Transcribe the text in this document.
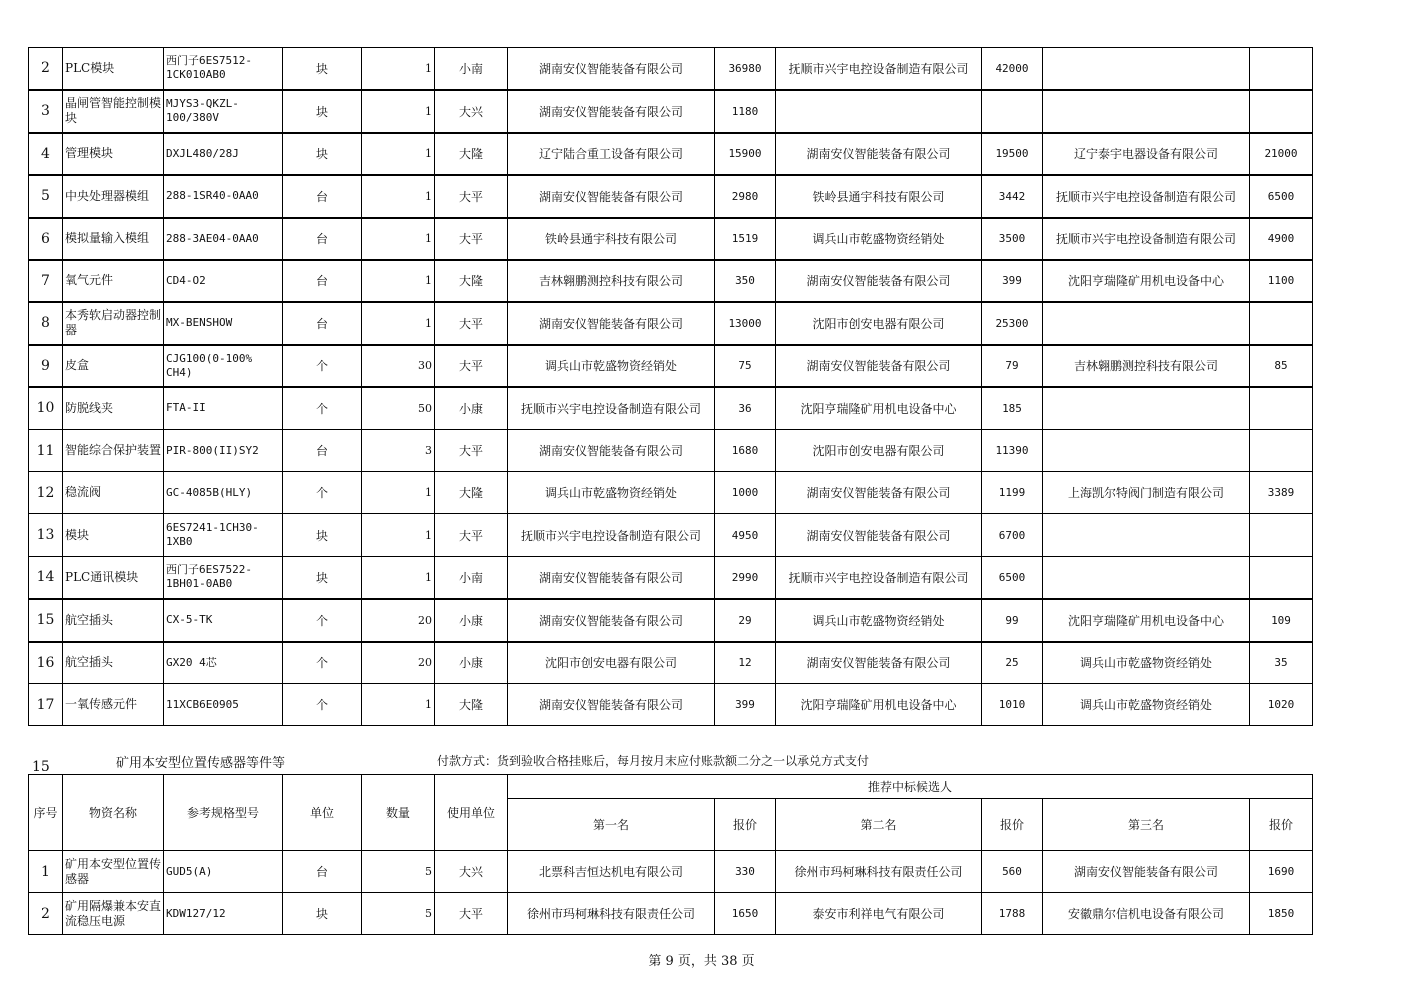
2	PLC模块	西门子6ES7512-1CK010AB0	块	1	小南	湖南安仪智能装备有限公司	36980	抚顺市兴宇电控设备制造有限公司	42000		
3	晶闸管智能控制模块	MJYS3-QKZL-100/380V	块	1	大兴	湖南安仪智能装备有限公司	1180				
4	管理模块	DXJL480/28J	块	1	大隆	辽宁陆合重工设备有限公司	15900	湖南安仪智能装备有限公司	19500	辽宁泰宇电器设备有限公司	21000
5	中央处理器模组	288-1SR40-0AA0	台	1	大平	湖南安仪智能装备有限公司	2980	铁岭县通宇科技有限公司	3442	抚顺市兴宇电控设备制造有限公司	6500
6	模拟量输入模组	288-3AE04-0AA0	台	1	大平	铁岭县通宇科技有限公司	1519	调兵山市乾盛物资经销处	3500	抚顺市兴宇电控设备制造有限公司	4900
7	氧气元件	CD4-O2	台	1	大隆	吉林翱鹏测控科技有限公司	350	湖南安仪智能装备有限公司	399	沈阳亨瑞隆矿用机电设备中心	1100
8	本秀软启动器控制器	MX-BENSHOW	台	1	大平	湖南安仪智能装备有限公司	13000	沈阳市创安电器有限公司	25300		
9	皮盒	CJG100(0-100% CH4)	个	30	大平	调兵山市乾盛物资经销处	75	湖南安仪智能装备有限公司	79	吉林翱鹏测控科技有限公司	85
10	防脱线夹	FTA-II	个	50	小康	抚顺市兴宇电控设备制造有限公司	36	沈阳亨瑞隆矿用机电设备中心	185		
11	智能综合保护装置	PIR-800(II)SY2	台	3	大平	湖南安仪智能装备有限公司	1680	沈阳市创安电器有限公司	11390		
12	稳流阀	GC-4085B(HLY)	个	1	大隆	调兵山市乾盛物资经销处	1000	湖南安仪智能装备有限公司	1199	上海凯尔特阀门制造有限公司	3389
13	模块	6ES7241-1CH30-1XB0	块	1	大平	抚顺市兴宇电控设备制造有限公司	4950	湖南安仪智能装备有限公司	6700		
14	PLC通讯模块	西门子6ES7522-1BH01-0AB0	块	1	小南	湖南安仪智能装备有限公司	2990	抚顺市兴宇电控设备制造有限公司	6500		
15	航空插头	CX-5-TK	个	20	小康	湖南安仪智能装备有限公司	29	调兵山市乾盛物资经销处	99	沈阳亨瑞隆矿用机电设备中心	109
16	航空插头	GX20 4芯	个	20	小康	沈阳市创安电器有限公司	12	湖南安仪智能装备有限公司	25	调兵山市乾盛物资经销处	35
17	一氧传感元件	11XCB6E0905	个	1	大隆	湖南安仪智能装备有限公司	399	沈阳亨瑞隆矿用机电设备中心	1010	调兵山市乾盛物资经销处	1020
15	矿用本安型位置传感器等件等	付款方式：货到验收合格挂账后，每月按月末应付账款额二分之一以承兑方式支付
序号	物资名称	参考规格型号	单位	数量	使用单位	推荐中标候选人					
						第一名	报价	第二名	报价	第三名	报价
1	矿用本安型位置传感器	GUD5(A)	台	5	大兴	北票科吉恒达机电有限公司	330	徐州市玛柯琳科技有限责任公司	560	湖南安仪智能装备有限公司	1690
2	矿用隔爆兼本安直流稳压电源	KDW127/12	块	5	大平	徐州市玛柯琳科技有限责任公司	1650	泰安市利祥电气有限公司	1788	安徽鼎尔信机电设备有限公司	1850
第 9 页，共 38 页
